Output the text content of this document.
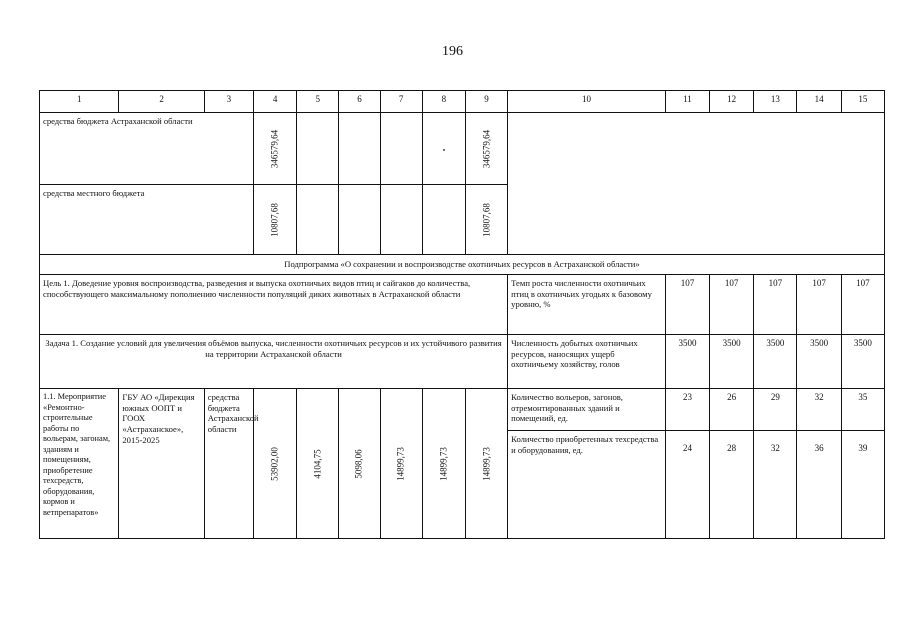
196
1	2	3	4	5	6	7	8	9	10	11	12	13	14	15
средства бюджета Астраханской области			346579,64					346579,64						

средства местного бюджета			10807,68					10807,68						

Подпрограмма «О сохранении и воспроизводстве охотничьих ресурсов в Астраханской области»														
Цель 1. Доведение уровня воспроизводства, разведения и выпуска охотничьих видов птиц и сайгаков до количества, способствующего максимальному пополнению численности популяций диких животных в Астраханской области									Темп роста численности охотничьих птиц в охотничьих угодьях к базовому уровню, %	107	107	107	107	107
Задача 1. Создание условий для увеличения объёмов выпуска, численности охотничьих ресурсов и их устойчивого развития на территории Астраханской области									Численность добытых охотничьих ресурсов, наносящих ущерб охотничьему хозяйству, голов	3500	3500	3500	3500	3500
1.1. Мероприятие «Ремонтно-строительные работы по вольерам, загонам, зданиям и помещениям, приобретение техсредств, оборудования, кормов и ветпрепаратов»	ГБУ АО «Дирекция южных ООПТ и ГООХ «Астраханское», 2015-2025	средства бюджета Астраханской области	53902,00	4104,75	5098,06	14899,73	14899,73	14899,73	Количество вольеров, загонов, отремонтированных зданий и помещений, ед.	23	26	29	32	35
									Количество приобретенных техсредства и оборудования, ед.	24	28	32	36	39
